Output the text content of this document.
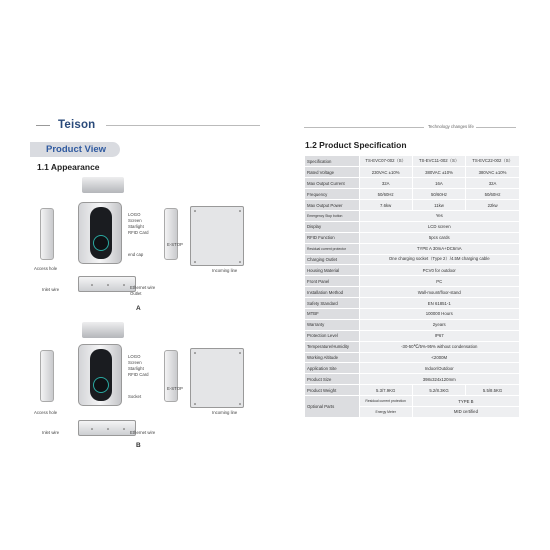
Teison
Product View
1.1 Appearance
LOGO
Screen
Starlight
RFID Card
end cap
E-STOP
Access hole	Incoming line
Inlet wire	Ethernet wire
Outlet
A
LOGO
Screen
Starlight
RFID Card
Socket
E-STOP
Access hole	Incoming line
Inlet wire	Ethernet wire
B
Technology changes life
1.2 Product Specification
Specification	TS-EVC07-002（S）	TS-EVC11-002（S）	TS-EVC22-002（S）
Rated Voltage	230VAC ±10%	380VAC ±10%	380VAC ±10%
Max Output Current	32A	16A	32A
Frequency	50/60Hz	50/60Hz	50/60Hz
Max Output Power	7.6kw	11kw	22kw
Emergency Stop button	Yes		
Display	LCD screen		
RFID Function	5pcs cards		
Residual current protector	TYPE A 30mA+DC6mA		
Charging Outlet	One charging socket（Type 2）/4.5M charging cable		
Housing Material	PCV0 for outdoor		
Front Panel	PC		
Installation Method	Wall-mount/floor-stand		
Safety Standard	EN 61851-1		
MTBF	100000 Hours		
Warranty	2years		
Protection Level	IP67		
Temperature/Humidity	-30-50℃/5%-95% without condensation		
Working Altitude	<2000M		
Application Site	Indoor/Outdoor		
Product Size	398x324x120mm		
Product Weight	5.3/7.9KG	5.2/8.3KG	5.5/8.5KG
Optional Parts	Residual current protection	TYPE B	
	Energy Meter	MID certified	
